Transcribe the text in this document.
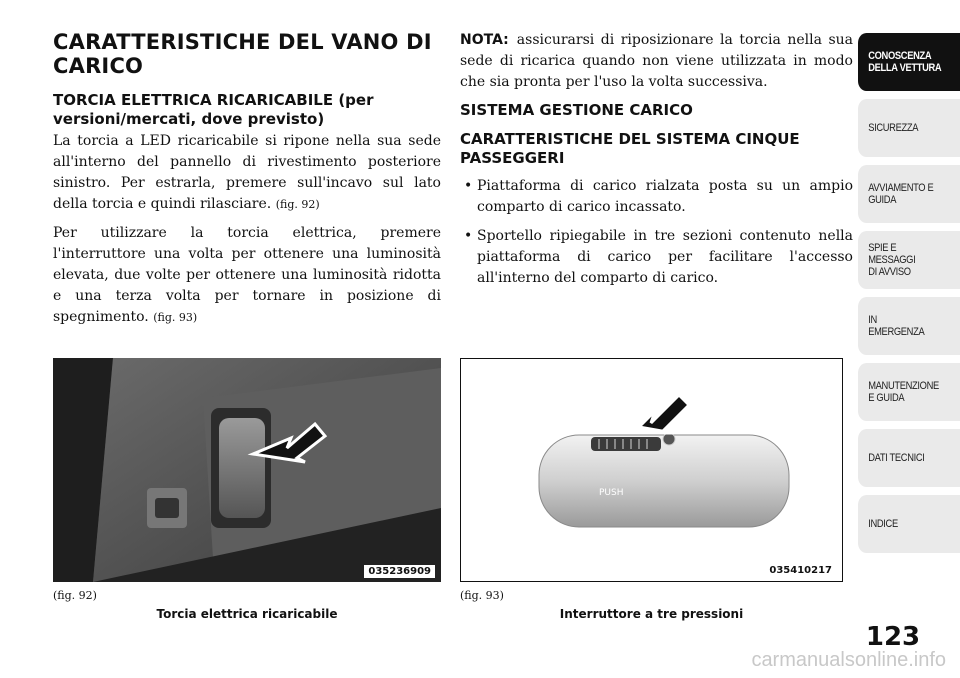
CARATTERISTICHE DEL VANO DI CARICO
TORCIA ELETTRICA RICARICABILE (per versioni/mercati, dove previsto)

La torcia a LED ricaricabile si ripone nella sua sede all'interno del pannello di rivestimento posteriore sinistro. Per estrarla, premere sull'incavo sul lato della torcia e quindi rilasciare. (fig. 92)

Per utilizzare la torcia elettrica, premere l'interruttore una volta per ottenere una luminosità elevata, due volte per ottenere una luminosità ridotta e una terza volta per tornare in posizione di spegnimento. (fig. 93)

NOTA: assicurarsi di riposizionare la torcia nella sua sede di ricarica quando non viene utilizzata in modo che sia pronta per l'uso la volta successiva.

SISTEMA GESTIONE CARICO
CARATTERISTICHE DEL SISTEMA CINQUE PASSEGGERI
• Piattaforma di carico rialzata posta su un ampio comparto di carico incassato.
• Sportello ripiegabile in tre sezioni contenuto nella piattaforma di carico per facilitare l'accesso all'interno del comparto di carico.
035236909
(fig. 92)
Torcia elettrica ricaricabile
PUSH
035410217
(fig. 93)
Interruttore a tre pressioni
CONOSCENZA
DELLA VETTURA
SICUREZZA
AVVIAMENTO E
GUIDA
SPIE E
MESSAGGI
DI AVVISO
IN
EMERGENZA
MANUTENZIONE
E GUIDA
DATI TECNICI
INDICE
123
carmanualsonline.info
